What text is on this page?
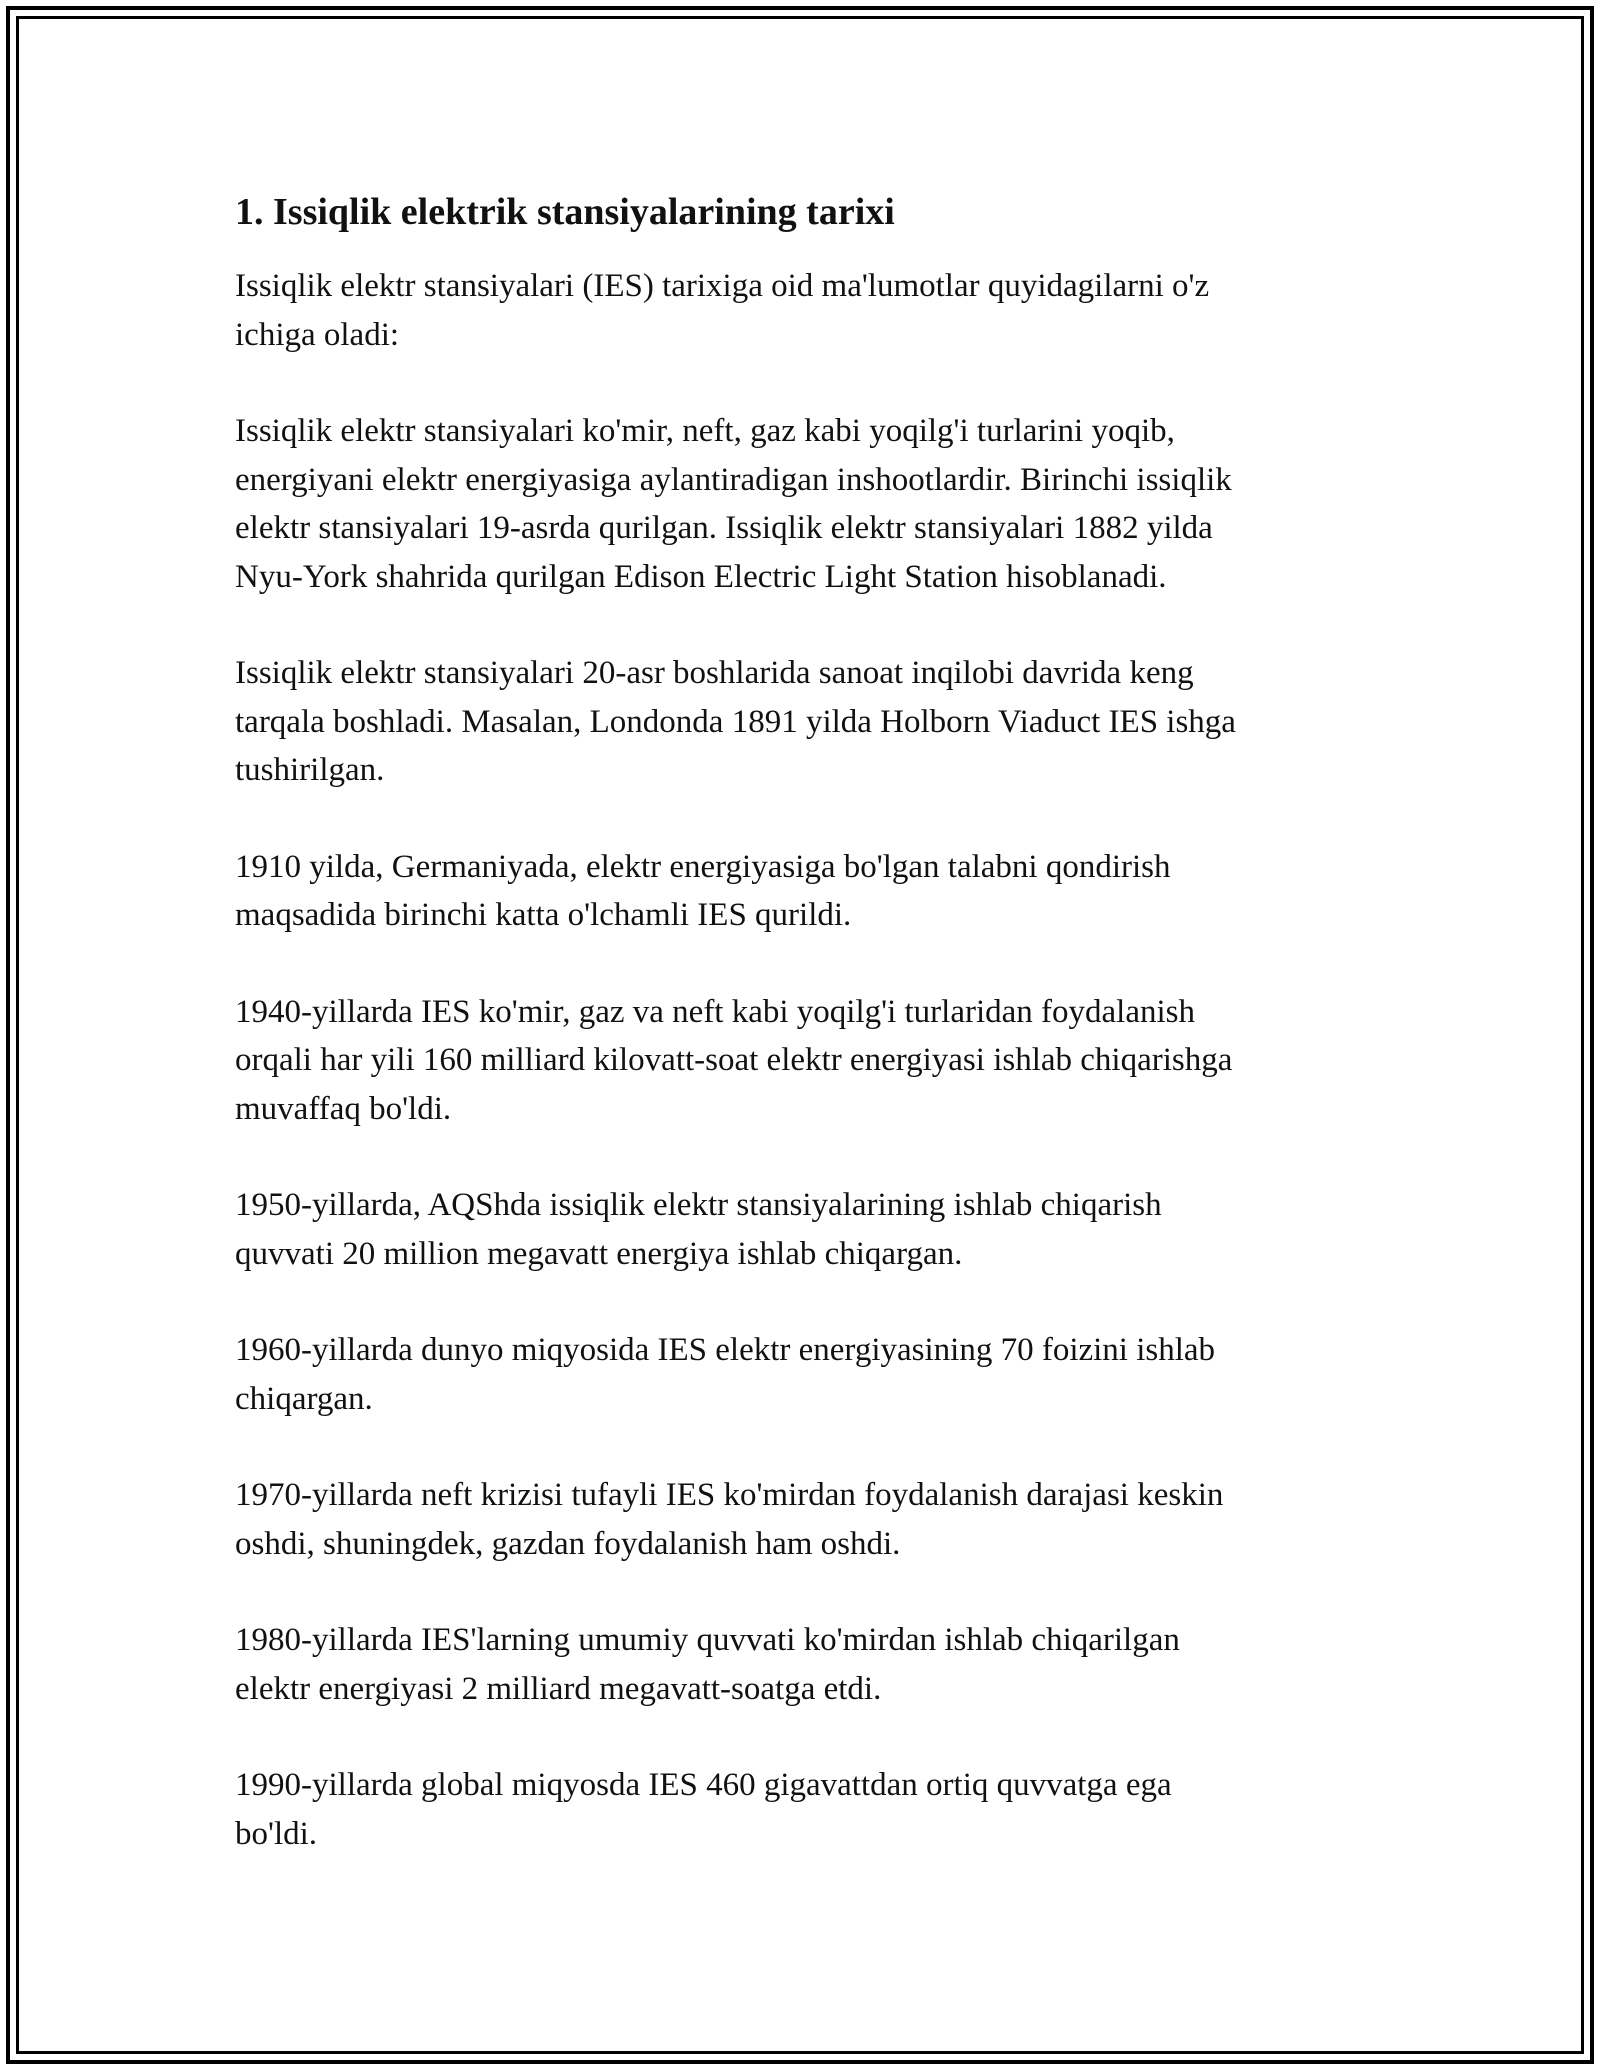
1. Issiqlik elektrik stansiyalarining tarixi

Issiqlik elektr stansiyalari (IES) tarixiga oid ma'lumotlar quyidagilarni o'z
ichiga oladi:

Issiqlik elektr stansiyalari ko'mir, neft, gaz kabi yoqilg'i turlarini yoqib,
energiyani elektr energiyasiga aylantiradigan inshootlardir. Birinchi issiqlik
elektr stansiyalari 19-asrda qurilgan. Issiqlik elektr stansiyalari 1882 yilda
Nyu-York shahrida qurilgan Edison Electric Light Station hisoblanadi.

Issiqlik elektr stansiyalari 20-asr boshlarida sanoat inqilobi davrida keng
tarqala boshladi. Masalan, Londonda 1891 yilda Holborn Viaduct IES ishga
tushirilgan.

1910 yilda, Germaniyada, elektr energiyasiga bo'lgan talabni qondirish
maqsadida birinchi katta o'lchamli IES qurildi.

1940-yillarda IES ko'mir, gaz va neft kabi yoqilg'i turlaridan foydalanish
orqali har yili 160 milliard kilovatt-soat elektr energiyasi ishlab chiqarishga
muvaffaq bo'ldi.

1950-yillarda, AQShda issiqlik elektr stansiyalarining ishlab chiqarish
quvvati 20 million megavatt energiya ishlab chiqargan.

1960-yillarda dunyo miqyosida IES elektr energiyasining 70 foizini ishlab
chiqargan.

1970-yillarda neft krizisi tufayli IES ko'mirdan foydalanish darajasi keskin
oshdi, shuningdek, gazdan foydalanish ham oshdi.

1980-yillarda IES'larning umumiy quvvati ko'mirdan ishlab chiqarilgan
elektr energiyasi 2 milliard megavatt-soatga etdi.

1990-yillarda global miqyosda IES 460 gigavattdan ortiq quvvatga ega
bo'ldi.
